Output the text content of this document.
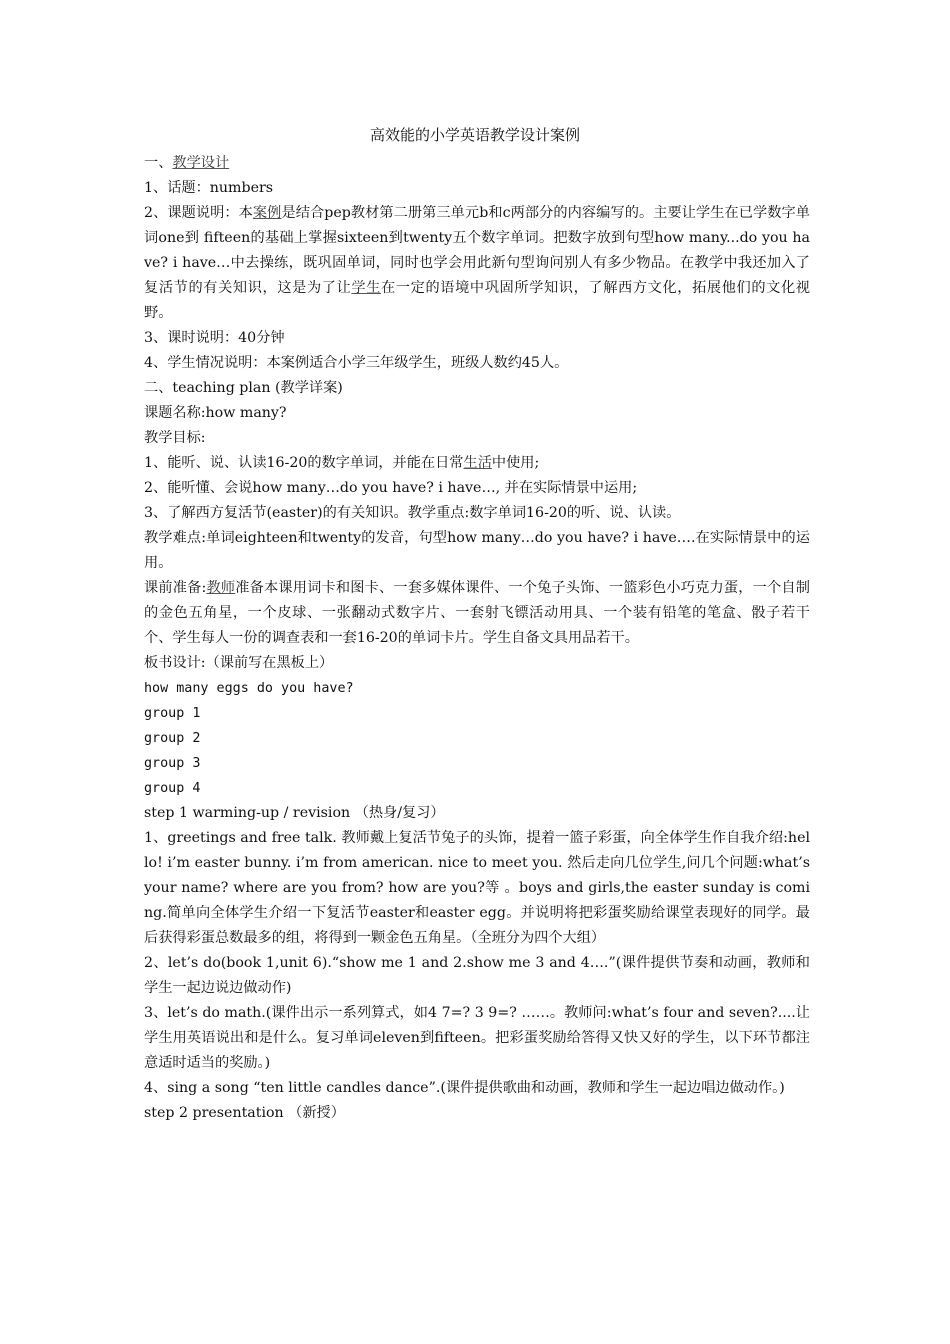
高效能的小学英语教学设计案例

一、教学设计

1、话题：numbers

2、课题说明：本案例是结合pep教材第二册第三单元b和c两部分的内容编写的。主要让学生在已学数字单词one到 fifteen的基础上掌握sixteen到twenty五个数字单词。把数字放到句型how many...do you have? i have…中去操练，既巩固单词，同时也学会用此新句型询问别人有多少物品。在教学中我还加入了复活节的有关知识，这是为了让学生在一定的语境中巩固所学知识，了解西方文化，拓展他们的文化视野。

3、课时说明：40分钟

4、学生情况说明：本案例适合小学三年级学生，班级人数约45人。

二、teaching plan (教学详案)

课题名称:how many?

教学目标:

1、能听、说、认读16-20的数字单词，并能在日常生活中使用;

2、能听懂、会说how many…do you have? i have…, 并在实际情景中运用;

3、了解西方复活节(easter)的有关知识。教学重点:数字单词16-20的听、说、认读。

教学难点:单词eighteen和twenty的发音，句型how many…do you have? i have….在实际情景中的运用。

课前准备:教师准备本课用词卡和图卡、一套多媒体课件、一个兔子头饰、一篮彩色小巧克力蛋，一个自制的金色五角星，一个皮球、一张翻动式数字片、一套射飞镖活动用具、一个装有铅笔的笔盒、骰子若干个、学生每人一份的调查表和一套16-20的单词卡片。学生自备文具用品若干。

板书设计:（课前写在黑板上）

how many eggs do you have?

group 1

group 2

group 3

group 4

step 1 warming-up / revision （热身/复习）

1、greetings and free talk. 教师戴上复活节兔子的头饰，提着一篮子彩蛋，向全体学生作自我介绍:hello! i’m easter bunny. i’m from american. nice to meet you. 然后走向几位学生,问几个问题:what’s your name? where are you from? how are you?等 。boys and girls,the easter sunday is coming.简单向全体学生介绍一下复活节easter和easter egg。并说明将把彩蛋奖励给课堂表现好的同学。最后获得彩蛋总数最多的组，将得到一颗金色五角星。（全班分为四个大组）

2、let’s do(book 1,unit 6).“show me 1 and 2.show me 3 and 4….”(课件提供节奏和动画，教师和学生一起边说边做动作)

3、let’s do math.(课件出示一系列算式，如4 7=? 3 9=? ……。教师问:what’s four and seven?....让学生用英语说出和是什么。复习单词eleven到fifteen。把彩蛋奖励给答得又快又好的学生，以下环节都注意适时适当的奖励。)

4、sing a song “ten little candles dance”.(课件提供歌曲和动画，教师和学生一起边唱边做动作。)

step 2 presentation （新授）
